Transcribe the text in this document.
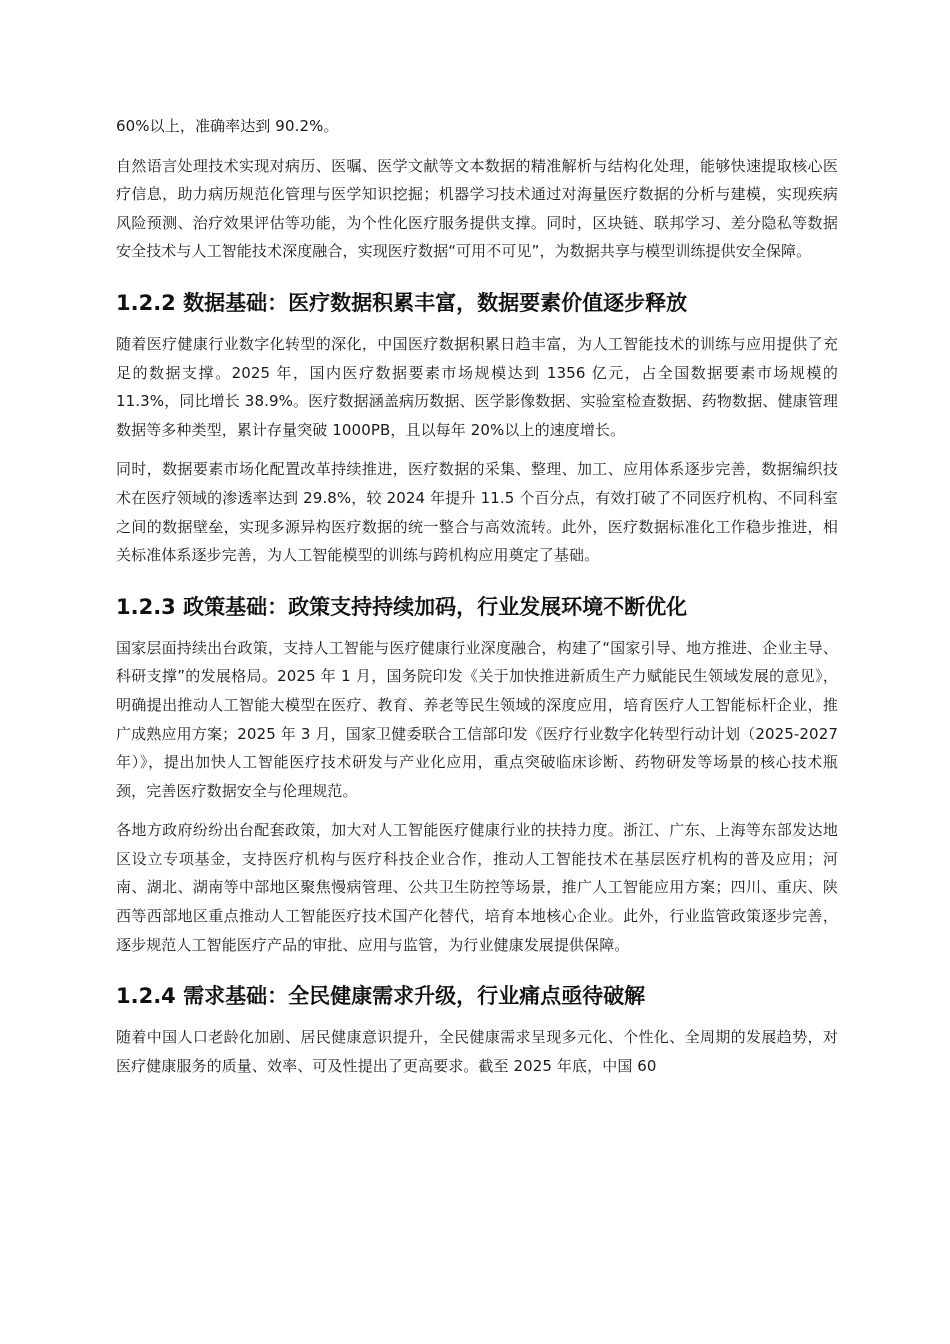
60%以上，准确率达到 90.2%。

自然语言处理技术实现对病历、医嘱、医学文献等文本数据的精准解析与结构化处理，能够快速提取核心医疗信息，助力病历规范化管理与医学知识挖掘；机器学习技术通过对海量医疗数据的分析与建模，实现疾病风险预测、治疗效果评估等功能，为个性化医疗服务提供支撑。同时，区块链、联邦学习、差分隐私等数据安全技术与人工智能技术深度融合，实现医疗数据“可用不可见”，为数据共享与模型训练提供安全保障。

1.2.2 数据基础：医疗数据积累丰富，数据要素价值逐步释放

随着医疗健康行业数字化转型的深化，中国医疗数据积累日趋丰富，为人工智能技术的训练与应用提供了充足的数据支撑。2025 年，国内医疗数据要素市场规模达到 1356 亿元，占全国数据要素市场规模的 11.3%，同比增长 38.9%。医疗数据涵盖病历数据、医学影像数据、实验室检查数据、药物数据、健康管理数据等多种类型，累计存量突破 1000PB，且以每年 20%以上的速度增长。

同时，数据要素市场化配置改革持续推进，医疗数据的采集、整理、加工、应用体系逐步完善，数据编织技术在医疗领域的渗透率达到 29.8%，较 2024 年提升 11.5 个百分点，有效打破了不同医疗机构、不同科室之间的数据壁垒，实现多源异构医疗数据的统一整合与高效流转。此外，医疗数据标准化工作稳步推进，相关标准体系逐步完善，为人工智能模型的训练与跨机构应用奠定了基础。

1.2.3 政策基础：政策支持持续加码，行业发展环境不断优化

国家层面持续出台政策，支持人工智能与医疗健康行业深度融合，构建了“国家引导、地方推进、企业主导、科研支撑”的发展格局。2025 年 1 月，国务院印发《关于加快推进新质生产力赋能民生领域发展的意见》，明确提出推动人工智能大模型在医疗、教育、养老等民生领域的深度应用，培育医疗人工智能标杆企业，推广成熟应用方案；2025 年 3 月，国家卫健委联合工信部印发《医疗行业数字化转型行动计划（2025-2027 年）》，提出加快人工智能医疗技术研发与产业化应用，重点突破临床诊断、药物研发等场景的核心技术瓶颈，完善医疗数据安全与伦理规范。

各地方政府纷纷出台配套政策，加大对人工智能医疗健康行业的扶持力度。浙江、广东、上海等东部发达地区设立专项基金，支持医疗机构与医疗科技企业合作，推动人工智能技术在基层医疗机构的普及应用；河南、湖北、湖南等中部地区聚焦慢病管理、公共卫生防控等场景，推广人工智能应用方案；四川、重庆、陕西等西部地区重点推动人工智能医疗技术国产化替代，培育本地核心企业。此外，行业监管政策逐步完善，逐步规范人工智能医疗产品的审批、应用与监管，为行业健康发展提供保障。

1.2.4 需求基础：全民健康需求升级，行业痛点亟待破解

随着中国人口老龄化加剧、居民健康意识提升，全民健康需求呈现多元化、个性化、全周期的发展趋势，对医疗健康服务的质量、效率、可及性提出了更高要求。截至 2025 年底，中国 60
